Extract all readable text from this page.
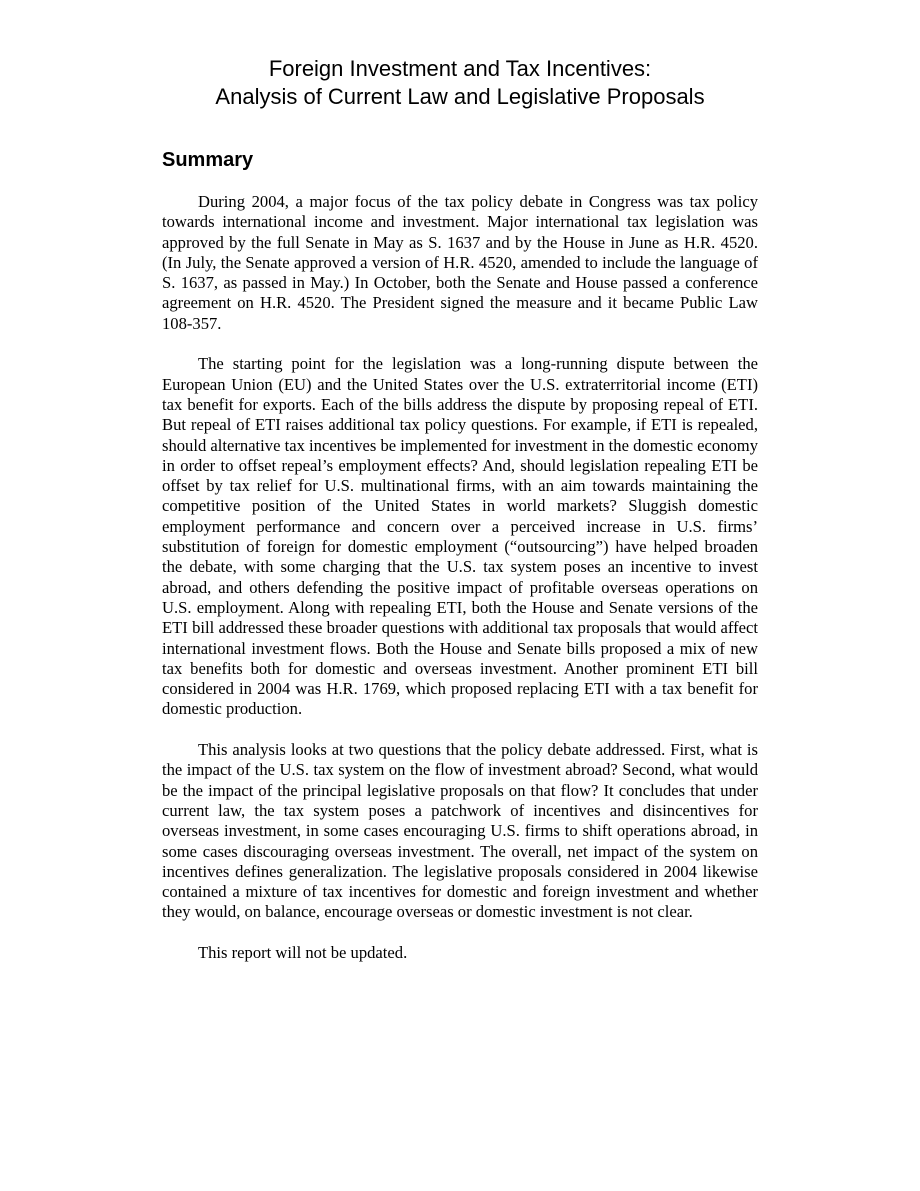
Foreign Investment and Tax Incentives:
Analysis of Current Law and Legislative Proposals
Summary

During 2004, a major focus of the tax policy debate in Congress was tax policy towards international income and investment. Major international tax legislation was approved by the full Senate in May as S. 1637 and by the House in June as H.R. 4520. (In July, the Senate approved a version of H.R. 4520, amended to include the language of S. 1637, as passed in May.) In October, both the Senate and House passed a conference agreement on H.R. 4520. The President signed the measure and it became Public Law 108-357.

The starting point for the legislation was a long-running dispute between the European Union (EU) and the United States over the U.S. extraterritorial income (ETI) tax benefit for exports. Each of the bills address the dispute by proposing repeal of ETI. But repeal of ETI raises additional tax policy questions. For example, if ETI is repealed, should alternative tax incentives be implemented for investment in the domestic economy in order to offset repeal’s employment effects? And, should legislation repealing ETI be offset by tax relief for U.S. multinational firms, with an aim towards maintaining the competitive position of the United States in world markets? Sluggish domestic employment performance and concern over a perceived increase in U.S. firms’ substitution of foreign for domestic employment (“outsourcing”) have helped broaden the debate, with some charging that the U.S. tax system poses an incentive to invest abroad, and others defending the positive impact of profitable overseas operations on U.S. employment. Along with repealing ETI, both the House and Senate versions of the ETI bill addressed these broader questions with additional tax proposals that would affect international investment flows. Both the House and Senate bills proposed a mix of new tax benefits both for domestic and overseas investment. Another prominent ETI bill considered in 2004 was H.R. 1769, which proposed replacing ETI with a tax benefit for domestic production.

This analysis looks at two questions that the policy debate addressed. First, what is the impact of the U.S. tax system on the flow of investment abroad? Second, what would be the impact of the principal legislative proposals on that flow? It concludes that under current law, the tax system poses a patchwork of incentives and disincentives for overseas investment, in some cases encouraging U.S. firms to shift operations abroad, in some cases discouraging overseas investment. The overall, net impact of the system on incentives defines generalization. The legislative proposals considered in 2004 likewise contained a mixture of tax incentives for domestic and foreign investment and whether they would, on balance, encourage overseas or domestic investment is not clear.

This report will not be updated.
